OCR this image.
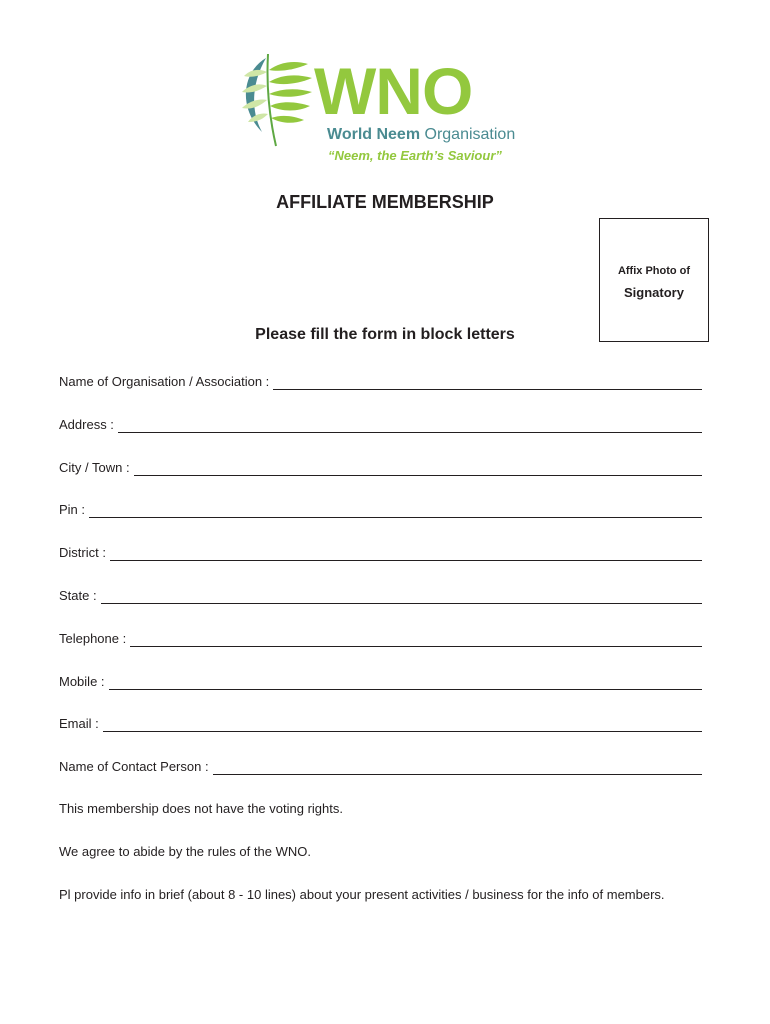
WNO
World Neem Organisation
“Neem, the Earth’s Saviour”
AFFILIATE MEMBERSHIP
Affix Photo of
Signatory
Please fill the form in block letters
Name of Organisation / Association :
Address :
City / Town :
Pin :
District :
State :
Telephone :
Mobile :
Email :
Name of Contact Person :

This membership does not have the voting rights.

We agree to abide by the rules of the WNO.

Pl provide info in brief (about 8 - 10 lines) about your present activities / business for the info of members.
